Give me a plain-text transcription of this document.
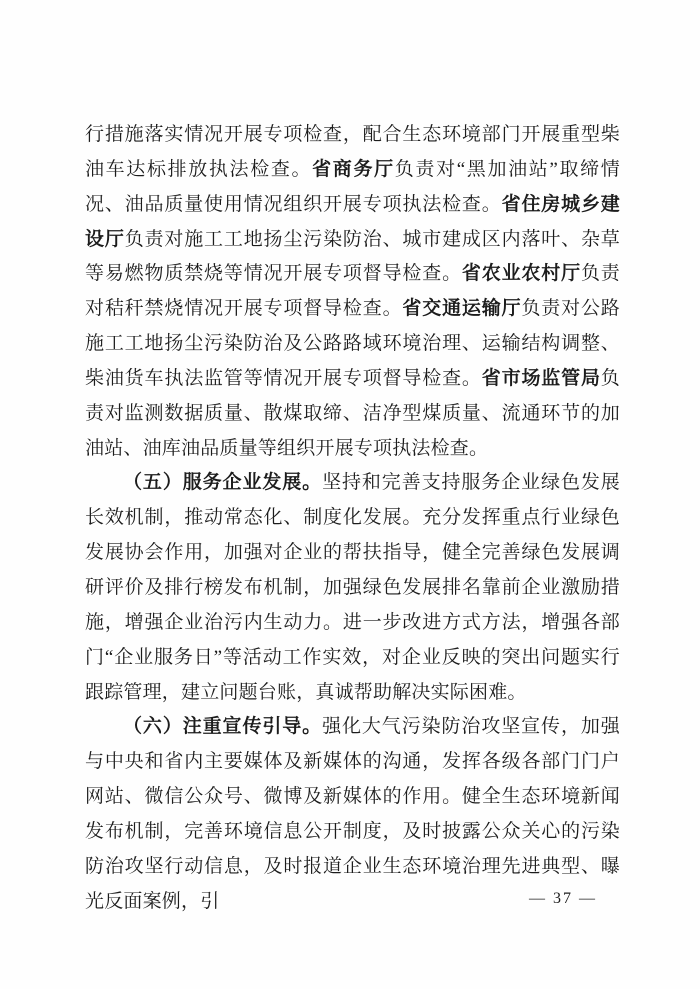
行措施落实情况开展专项检查，配合生态环境部门开展重型柴油车达标排放执法检查。省商务厅负责对“黑加油站”取缔情况、油品质量使用情况组织开展专项执法检查。省住房城乡建设厅负责对施工工地扬尘污染防治、城市建成区内落叶、杂草等易燃物质禁烧等情况开展专项督导检查。省农业农村厅负责对秸秆禁烧情况开展专项督导检查。省交通运输厅负责对公路施工工地扬尘污染防治及公路路域环境治理、运输结构调整、柴油货车执法监管等情况开展专项督导检查。省市场监管局负责对监测数据质量、散煤取缔、洁净型煤质量、流通环节的加油站、油库油品质量等组织开展专项执法检查。

（五）服务企业发展。坚持和完善支持服务企业绿色发展长效机制，推动常态化、制度化发展。充分发挥重点行业绿色发展协会作用，加强对企业的帮扶指导，健全完善绿色发展调研评价及排行榜发布机制，加强绿色发展排名靠前企业激励措施，增强企业治污内生动力。进一步改进方式方法，增强各部门“企业服务日”等活动工作实效，对企业反映的突出问题实行跟踪管理，建立问题台账，真诚帮助解决实际困难。

（六）注重宣传引导。强化大气污染防治攻坚宣传，加强与中央和省内主要媒体及新媒体的沟通，发挥各级各部门门户网站、微信公众号、微博及新媒体的作用。健全生态环境新闻发布机制，完善环境信息公开制度，及时披露公众关心的污染防治攻坚行动信息，及时报道企业生态环境治理先进典型、曝光反面案例，引	— 37 —
